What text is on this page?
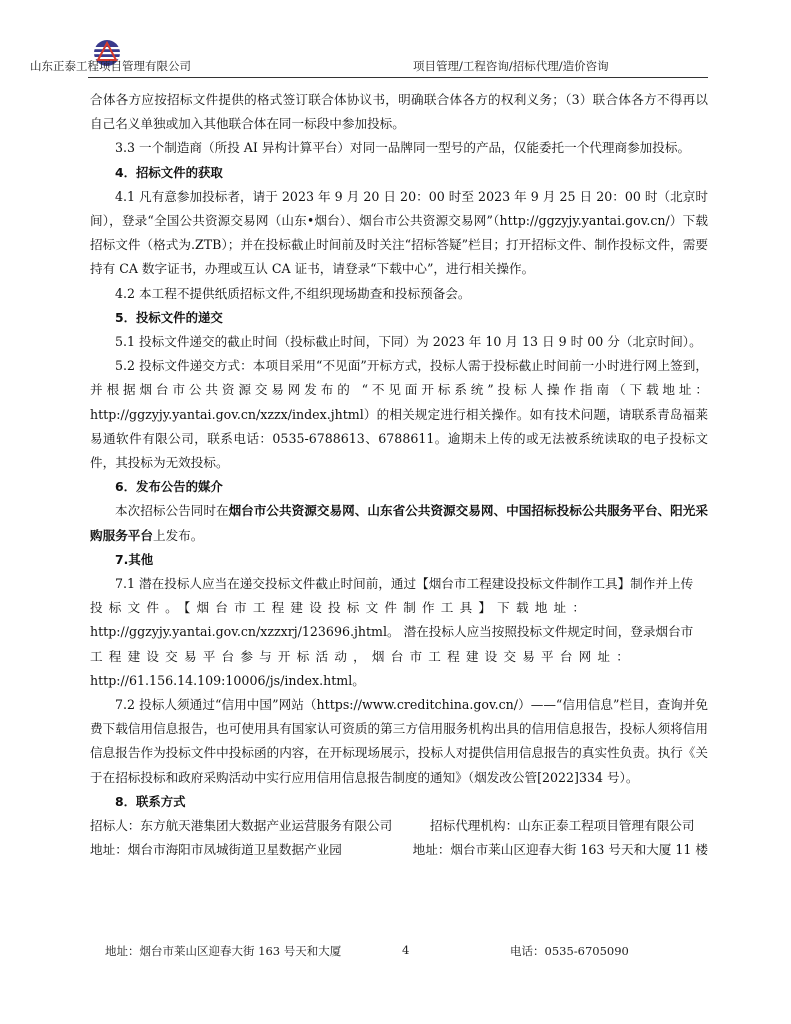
山东正泰工程项目管理有限公司	项目管理/工程咨询/招标代理/造价咨询

合体各方应按招标文件提供的格式签订联合体协议书，明确联合体各方的权利义务；（3）联合体各方不得再以自己名义单独或加入其他联合体在同一标段中参加投标。

3.3 一个制造商（所投 AI 异构计算平台）对同一品牌同一型号的产品，仅能委托一个代理商参加投标。

4．招标文件的获取

4.1 凡有意参加投标者，请于 2023 年 9 月 20 日 20：00 时至 2023 年 9 月 25 日 20：00 时（北京时间），登录“全国公共资源交易网（山东•烟台）、烟台市公共资源交易网”（http://ggzyjy.yantai.gov.cn/）下载招标文件（格式为.ZTB）；并在投标截止时间前及时关注“招标答疑”栏目；打开招标文件、制作投标文件，需要持有 CA 数字证书，办理或互认 CA 证书，请登录“下载中心”，进行相关操作。

4.2 本工程不提供纸质招标文件,不组织现场勘查和投标预备会。

5．投标文件的递交

5.1 投标文件递交的截止时间（投标截止时间，下同）为 2023 年 10 月 13 日 9 时 00 分（北京时间）。

5.2 投标文件递交方式：本项目采用“不见面”开标方式，投标人需于投标截止时间前一小时进行网上签到，并根据烟台市公共资源交易网发布的 “不见面开标系统”投标人操作指南（下载地址：http://ggzyjy.yantai.gov.cn/xzzx/index.jhtml）的相关规定进行相关操作。如有技术问题，请联系青岛福莱易通软件有限公司，联系电话：0535-6788613、6788611。逾期未上传的或无法被系统读取的电子投标文件，其投标为无效投标。

6．发布公告的媒介

本次招标公告同时在烟台市公共资源交易网、山东省公共资源交易网、中国招标投标公共服务平台、阳光采购服务平台上发布。

7.其他

7.1 潜在投标人应当在递交投标文件截止时间前，通过【烟台市工程建设投标文件制作工具】制作并上传

投标文件。【烟台市工程建设投标文件制作工具】下载地址：

http://ggzyjy.yantai.gov.cn/xzzxrj/123696.jhtml。 潜在投标人应当按照投标文件规定时间，登录烟台市

工程建设交易平台参与开标活动，烟台市工程建设交易平台网址：

http://61.156.14.109:10006/js/index.html。

7.2 投标人须通过“信用中国”网站（https://www.creditchina.gov.cn/）——“信用信息”栏目，查询并免费下载信用信息报告，也可使用具有国家认可资质的第三方信用服务机构出具的信用信息报告，投标人须将信用信息报告作为投标文件中投标函的内容，在开标现场展示，投标人对提供信用信息报告的真实性负责。执行《关于在招标投标和政府采购活动中实行应用信用信息报告制度的通知》（烟发改公管[2022]334 号）。

8．联系方式

招标人：东方航天港集团大数据产业运营服务有限公司	招标代理机构：山东正泰工程项目管理有限公司
地址：烟台市海阳市凤城街道卫星数据产业园	地址：烟台市莱山区迎春大街 163 号天和大厦 11 楼
地址：烟台市莱山区迎春大街 163 号天和大厦	4	电话：0535-6705090
